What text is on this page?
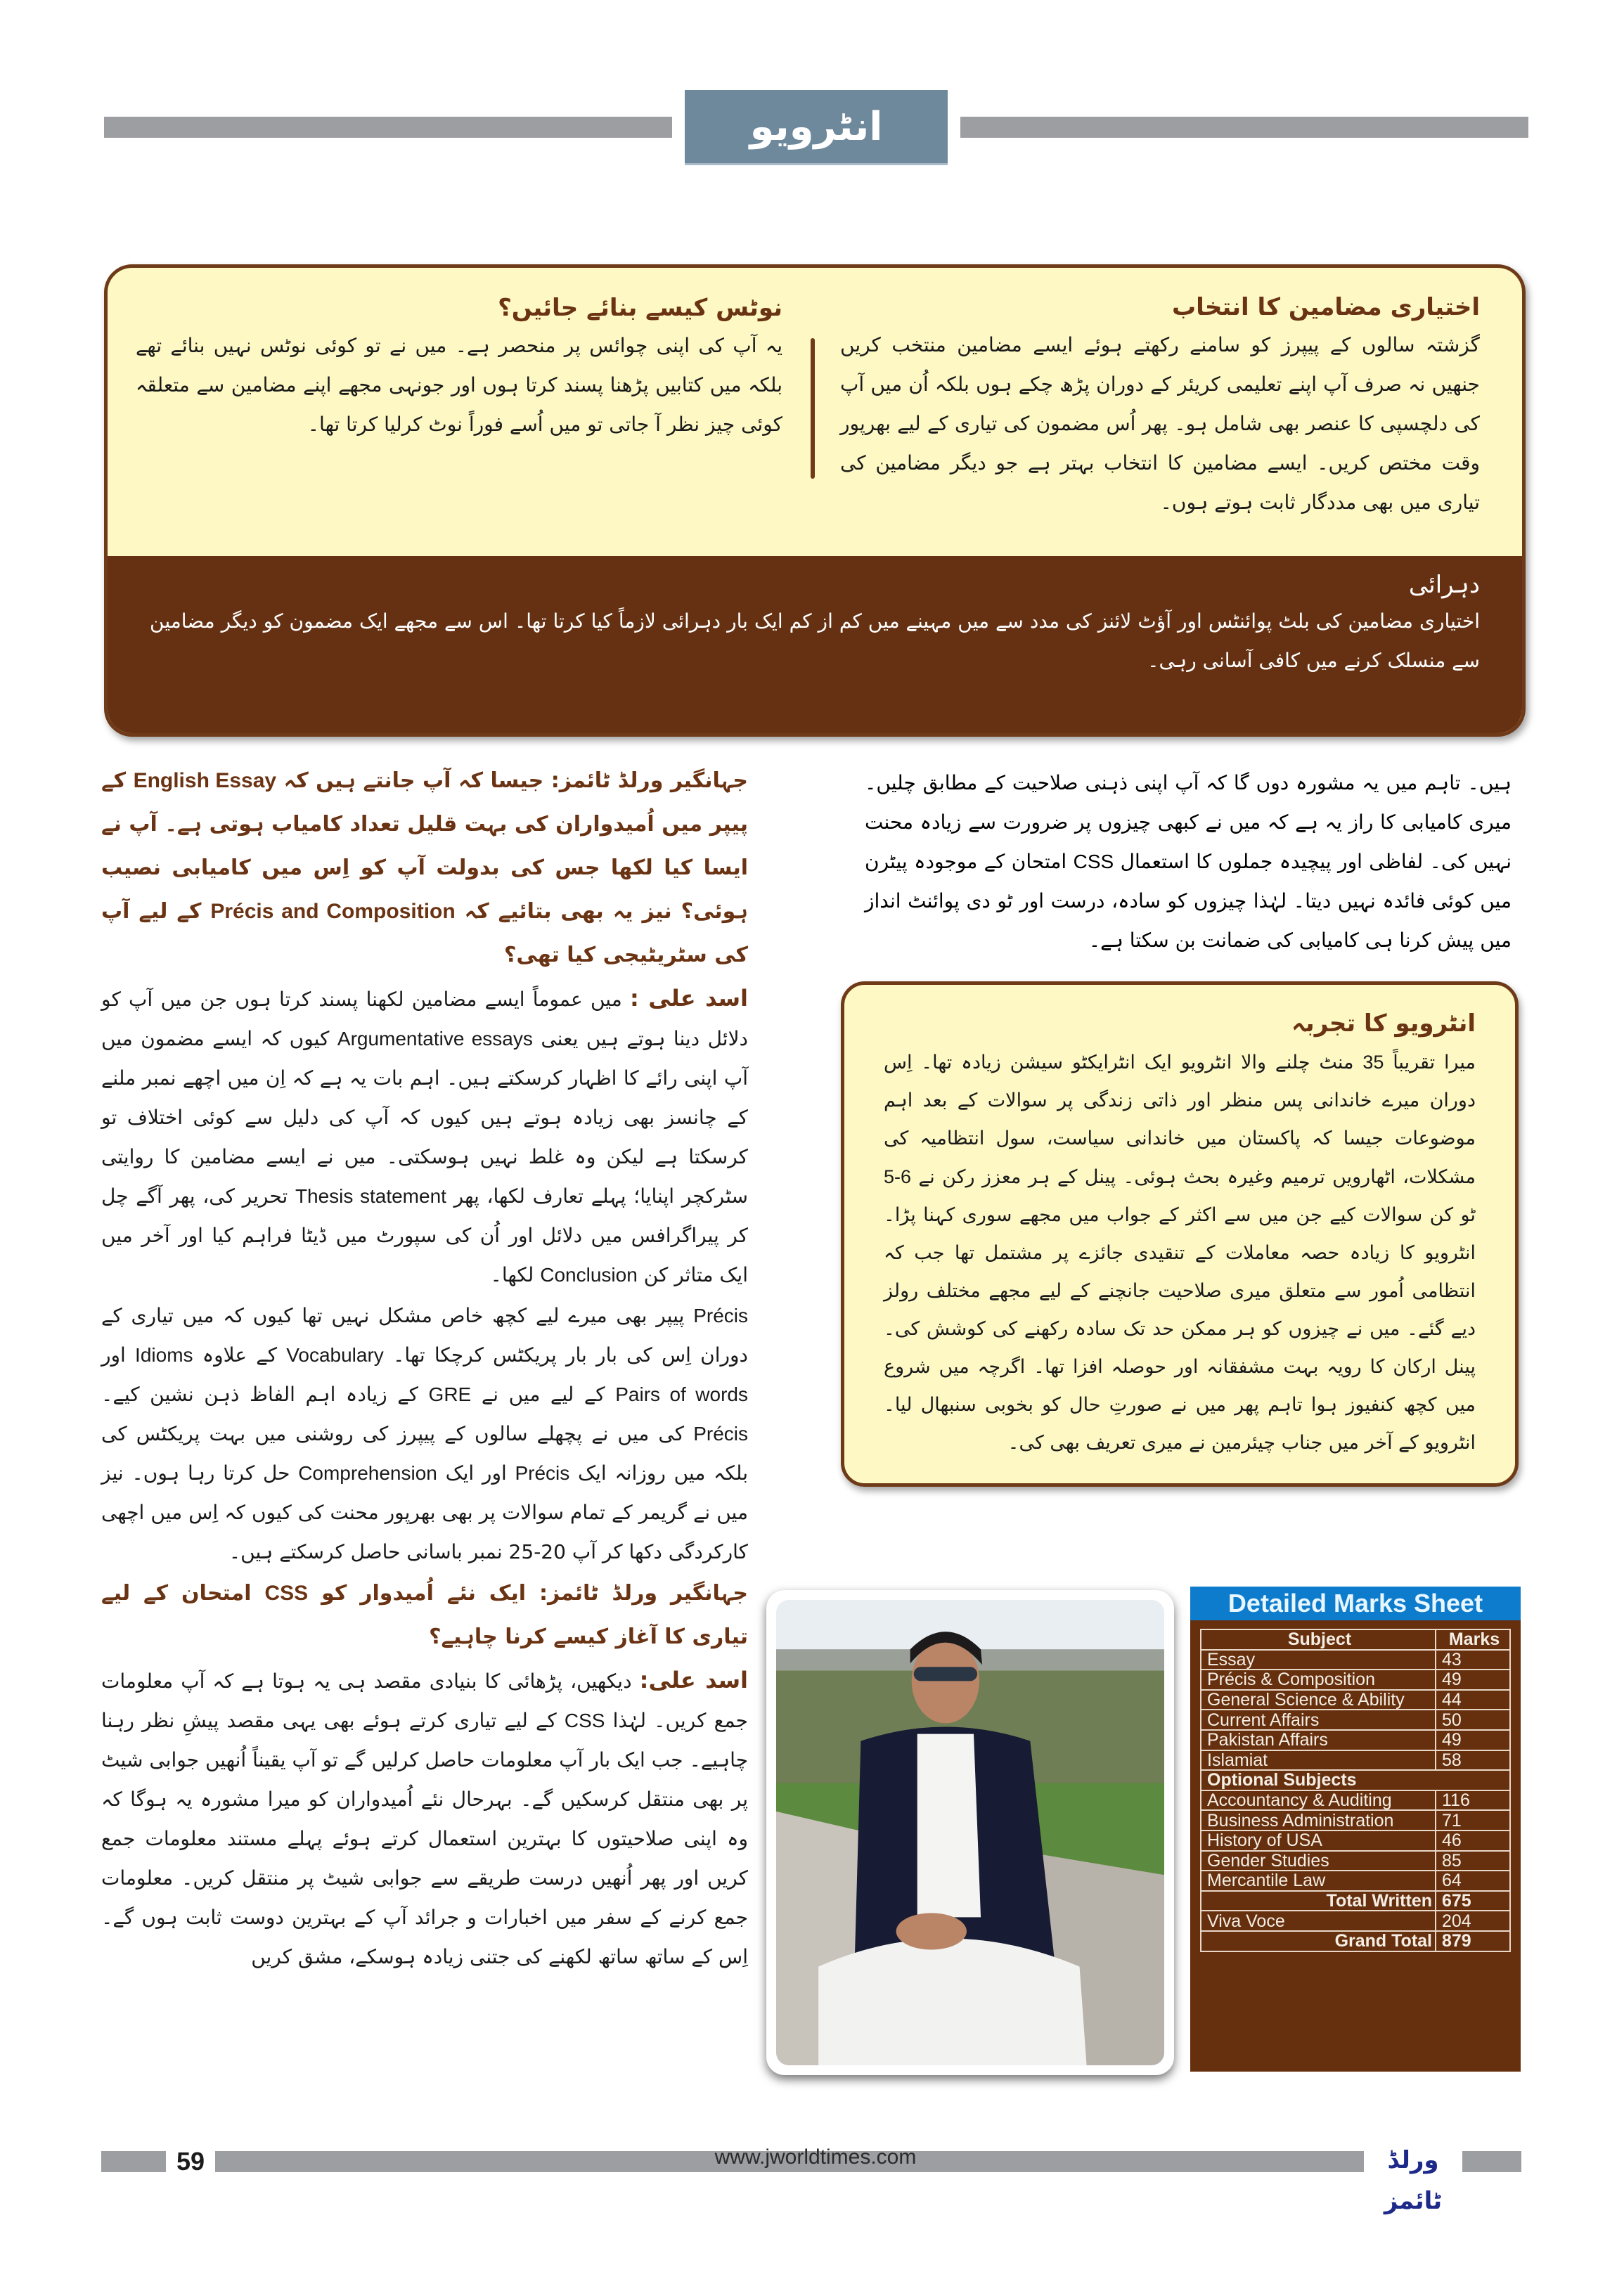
انٹرویو
اختیاری مضامین کا انتخاب
گزشتہ سالوں کے پیپرز کو سامنے رکھتے ہوئے ایسے مضامین منتخب کریں جنھیں نہ صرف آپ اپنے تعلیمی کریئر کے دوران پڑھ چکے ہوں بلکہ اُن میں آپ کی دلچسپی کا عنصر بھی شامل ہو۔ پھر اُس مضمون کی تیاری کے لیے بھرپور وقت مختص کریں۔ ایسے مضامین کا انتخاب بہتر ہے جو دیگر مضامین کی تیاری میں بھی مددگار ثابت ہوتے ہوں۔
نوٹس کیسے بنائے جائیں؟
یہ آپ کی اپنی چوائس پر منحصر ہے۔ میں نے تو کوئی نوٹس نہیں بنائے تھے بلکہ میں کتابیں پڑھنا پسند کرتا ہوں اور جونہی مجھے اپنے مضامین سے متعلقہ کوئی چیز نظر آ جاتی تو میں اُسے فوراً نوٹ کرلیا کرتا تھا۔
دہرائی
اختیاری مضامین کی بلٹ پوائنٹس اور آؤٹ لائنز کی مدد سے میں مہینے میں کم از کم ایک بار دہرائی لازماً کیا کرتا تھا۔ اس سے مجھے ایک مضمون کو دیگر مضامین سے منسلک کرنے میں کافی آسانی رہی۔
جہانگیر ورلڈ ٹائمز: جیسا کہ آپ جانتے ہیں کہ English Essay کے پیپر میں اُمیدواران کی بہت قلیل تعداد کامیاب ہوتی ہے۔ آپ نے ایسا کیا لکھا جس کی بدولت آپ کو اِس میں کامیابی نصیب ہوئی؟ نیز یہ بھی بتائیے کہ Précis and Composition کے لیے آپ کی سٹریٹیجی کیا تھی؟
اسد علی : میں عموماً ایسے مضامین لکھنا پسند کرتا ہوں جن میں آپ کو دلائل دینا ہوتے ہیں یعنی Argumentative essays کیوں کہ ایسے مضمون میں آپ اپنی رائے کا اظہار کرسکتے ہیں۔ اہم بات یہ ہے کہ اِن میں اچھے نمبر ملنے کے چانسز بھی زیادہ ہوتے ہیں کیوں کہ آپ کی دلیل سے کوئی اختلاف تو کرسکتا ہے لیکن وہ غلط نہیں ہوسکتی۔ میں نے ایسے مضامین کا روایتی سٹرکچر اپنایا؛ پہلے تعارف لکھا، پھر Thesis statement تحریر کی، پھر آگے چل کر پیراگرافس میں دلائل اور اُن کی سپورٹ میں ڈیٹا فراہم کیا اور آخر میں ایک متاثر کن Conclusion لکھا۔
Précis پیپر بھی میرے لیے کچھ خاص مشکل نہیں تھا کیوں کہ میں تیاری کے دوران اِس کی بار بار پریکٹس کرچکا تھا۔ Vocabulary کے علاوہ Idioms اور Pairs of words کے لیے میں نے GRE کے زیادہ اہم الفاظ ذہن نشین کیے۔ Précis کی میں نے پچھلے سالوں کے پیپرز کی روشنی میں بہت پریکٹس کی بلکہ میں روزانہ ایک Précis اور ایک Comprehension حل کرتا رہا ہوں۔ نیز میں نے گریمر کے تمام سوالات پر بھی بھرپور محنت کی کیوں کہ اِس میں اچھی کارکردگی دکھا کر آپ 20-25 نمبر باسانی حاصل کرسکتے ہیں۔
جہانگیر ورلڈ ٹائمز: ایک نئے اُمیدوار کو CSS امتحان کے لیے تیاری کا آغاز کیسے کرنا چاہیے؟
اسد علی: دیکھیں، پڑھائی کا بنیادی مقصد ہی یہ ہوتا ہے کہ آپ معلومات جمع کریں۔ لہٰذا CSS کے لیے تیاری کرتے ہوئے بھی یہی مقصد پیشِ نظر رہنا چاہیے۔ جب ایک بار آپ معلومات حاصل کرلیں گے تو آپ یقیناً اُنھیں جوابی شیٹ پر بھی منتقل کرسکیں گے۔ بہرحال نئے اُمیدواران کو میرا مشورہ یہ ہوگا کہ وہ اپنی صلاحیتوں کا بہترین استعمال کرتے ہوئے پہلے مستند معلومات جمع کریں اور پھر اُنھیں درست طریقے سے جوابی شیٹ پر منتقل کریں۔ معلومات جمع کرنے کے سفر میں اخبارات و جرائد آپ کے بہترین دوست ثابت ہوں گے۔ اِس کے ساتھ ساتھ لکھنے کی جتنی زیادہ ہوسکے، مشق کریں
ہیں۔ تاہم میں یہ مشورہ دوں گا کہ آپ اپنی ذہنی صلاحیت کے مطابق چلیں۔ میری کامیابی کا راز یہ ہے کہ میں نے کبھی چیزوں پر ضرورت سے زیادہ محنت نہیں کی۔ لفاظی اور پیچیدہ جملوں کا استعمال CSS امتحان کے موجودہ پیٹرن میں کوئی فائدہ نہیں دیتا۔ لہٰذا چیزوں کو سادہ، درست اور ٹو دی پوائنٹ انداز میں پیش کرنا ہی کامیابی کی ضمانت بن سکتا ہے۔
انٹرویو کا تجربہ
میرا تقریباً 35 منٹ چلنے والا انٹرویو ایک انٹرایکٹو سیشن زیادہ تھا۔ اِس دوران میرے خاندانی پس منظر اور ذاتی زندگی پر سوالات کے بعد اہم موضوعات جیسا کہ پاکستان میں خاندانی سیاست، سول انتظامیہ کی مشکلات، اٹھارویں ترمیم وغیرہ بحث ہوئی۔ پینل کے ہر معزز رکن نے 5-6 ٹو کن سوالات کیے جن میں سے اکثر کے جواب میں مجھے سوری کہنا پڑا۔ انٹرویو کا زیادہ حصہ معاملات کے تنقیدی جائزے پر مشتمل تھا جب کہ انتظامی اُمور سے متعلق میری صلاحیت جانچنے کے لیے مجھے مختلف رولز دیے گئے۔ میں نے چیزوں کو ہر ممکن حد تک سادہ رکھنے کی کوشش کی۔ پینل ارکان کا رویہ بہت مشفقانہ اور حوصلہ افزا تھا۔ اگرچہ میں شروع میں کچھ کنفیوز ہوا تاہم پھر میں نے صورتِ حال کو بخوبی سنبھال لیا۔ انٹرویو کے آخر میں جناب چیئرمین نے میری تعریف بھی کی۔
Detailed Marks Sheet
Subject	Marks
Essay	43
Précis & Composition	49
General Science & Ability	44
Current Affairs	50
Pakistan Affairs	49
Islamiat	58
Optional Subjects	
Accountancy & Auditing	116
Business Administration	71
History of USA	46
Gender Studies	85
Mercantile Law	64
Total Written	675
Viva Voce	204
Grand Total	879
59	www.jworldtimes.com	ورلڈ ٹائمز
